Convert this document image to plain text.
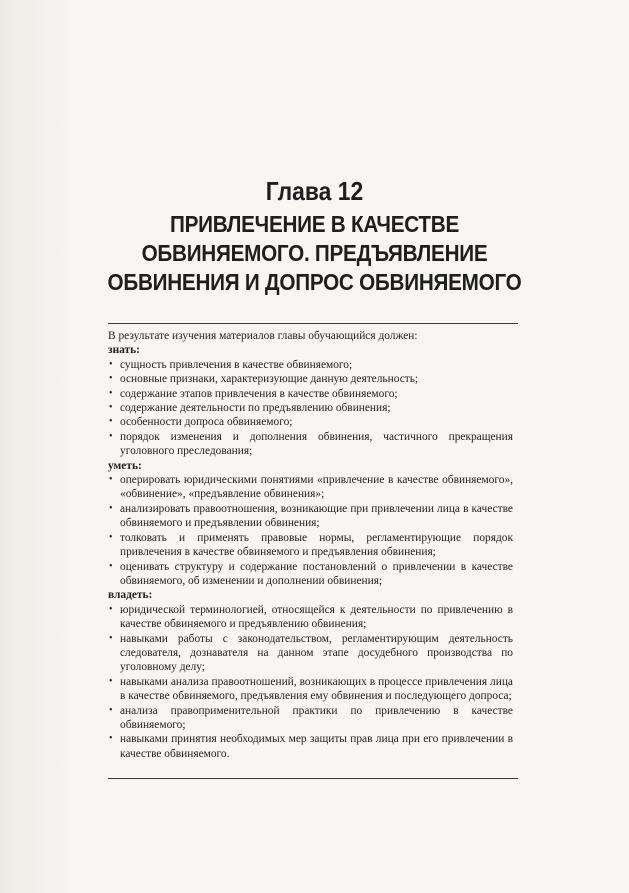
Глава 12
ПРИВЛЕЧЕНИЕ В КАЧЕСТВЕ ОБВИНЯЕМОГО. ПРЕДЪЯВЛЕНИЕ ОБВИНЕНИЯ И ДОПРОС ОБВИНЯЕМОГО

В результате изучения материалов главы обучающийся должен:

знать:

• сущность привлечения в качестве обвиняемого;
• основные признаки, характеризующие данную деятельность;
• содержание этапов привлечения в качестве обвиняемого;
• содержание деятельности по предъявлению обвинения;
• особенности допроса обвиняемого;
• порядок изменения и дополнения обвинения, частичного прекращения уголовного преследования;

уметь:

• оперировать юридическими понятиями «привлечение в качестве обвиняемого», «обвинение», «предъявление обвинения»;
• анализировать правоотношения, возникающие при привлечении лица в качестве обвиняемого и предъявлении обвинения;
• толковать и применять правовые нормы, регламентирующие порядок привлечения в качестве обвиняемого и предъявления обвинения;
• оценивать структуру и содержание постановлений о привлечении в качестве обвиняемого, об изменении и дополнении обвинения;

владеть:

• юридической терминологией, относящейся к деятельности по привлечению в качестве обвиняемого и предъявлению обвинения;
• навыками работы с законодательством, регламентирующим деятельность следователя, дознавателя на данном этапе досудебного производства по уголовному делу;
• навыками анализа правоотношений, возникающих в процессе привлечения лица в качестве обвиняемого, предъявления ему обвинения и последующего допроса;
• анализа правоприменительной практики по привлечению в качестве обвиняемого;
• навыками принятия необходимых мер защиты прав лица при его привлечении в качестве обвиняемого.
